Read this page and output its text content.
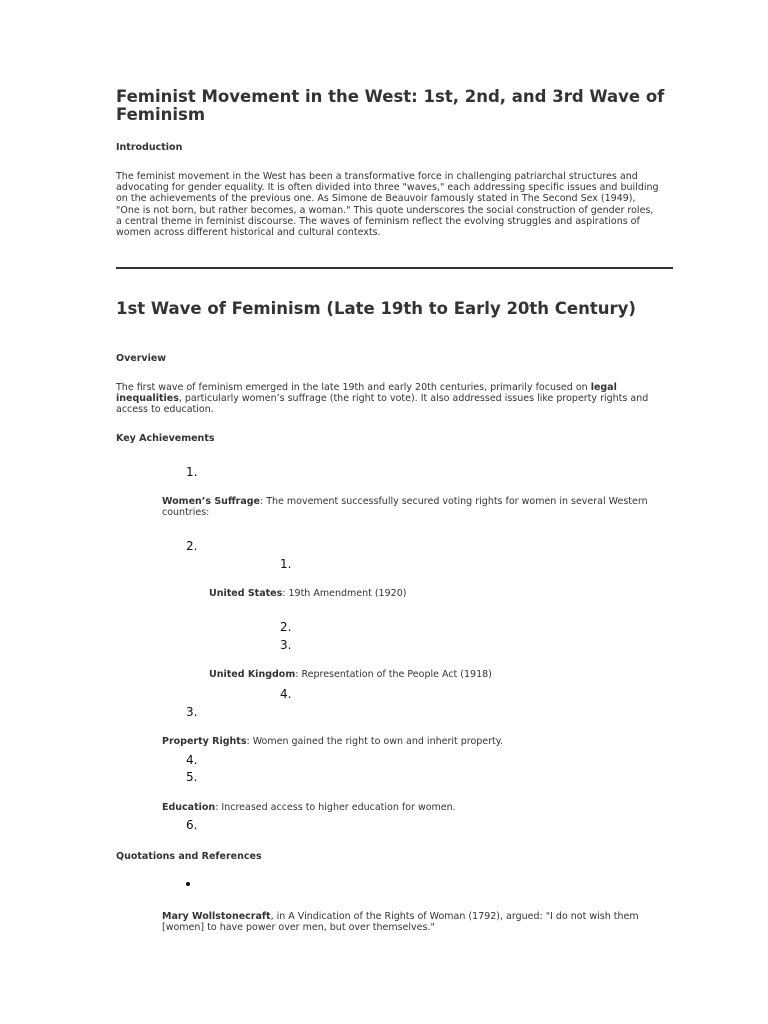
Feminist Movement in the West: 1st, 2nd, and 3rd Wave of Feminism
Introduction

The feminist movement in the West has been a transformative force in challenging patriarchal structures and advocating for gender equality. It is often divided into three "waves," each addressing specific issues and building on the achievements of the previous one. As Simone de Beauvoir famously stated in The Second Sex (1949), "One is not born, but rather becomes, a woman." This quote underscores the social construction of gender roles, a central theme in feminist discourse. The waves of feminism reflect the evolving struggles and aspirations of women across different historical and cultural contexts.

1st Wave of Feminism (Late 19th to Early 20th Century)
Overview

The first wave of feminism emerged in the late 19th and early 20th centuries, primarily focused on legal inequalities, particularly women’s suffrage (the right to vote). It also addressed issues like property rights and access to education.

Key Achievements
1.
2.
3.
4.
5.
6.
1.
2.
3.
4.

Women’s Suffrage: The movement successfully secured voting rights for women in several Western countries:

United States: 19th Amendment (1920)

United Kingdom: Representation of the People Act (1918)

Property Rights: Women gained the right to own and inherit property.

Education: Increased access to higher education for women.

Quotations and References

Mary Wollstonecraft, in A Vindication of the Rights of Woman (1792), argued: "I do not wish them [women] to have power over men, but over themselves."
